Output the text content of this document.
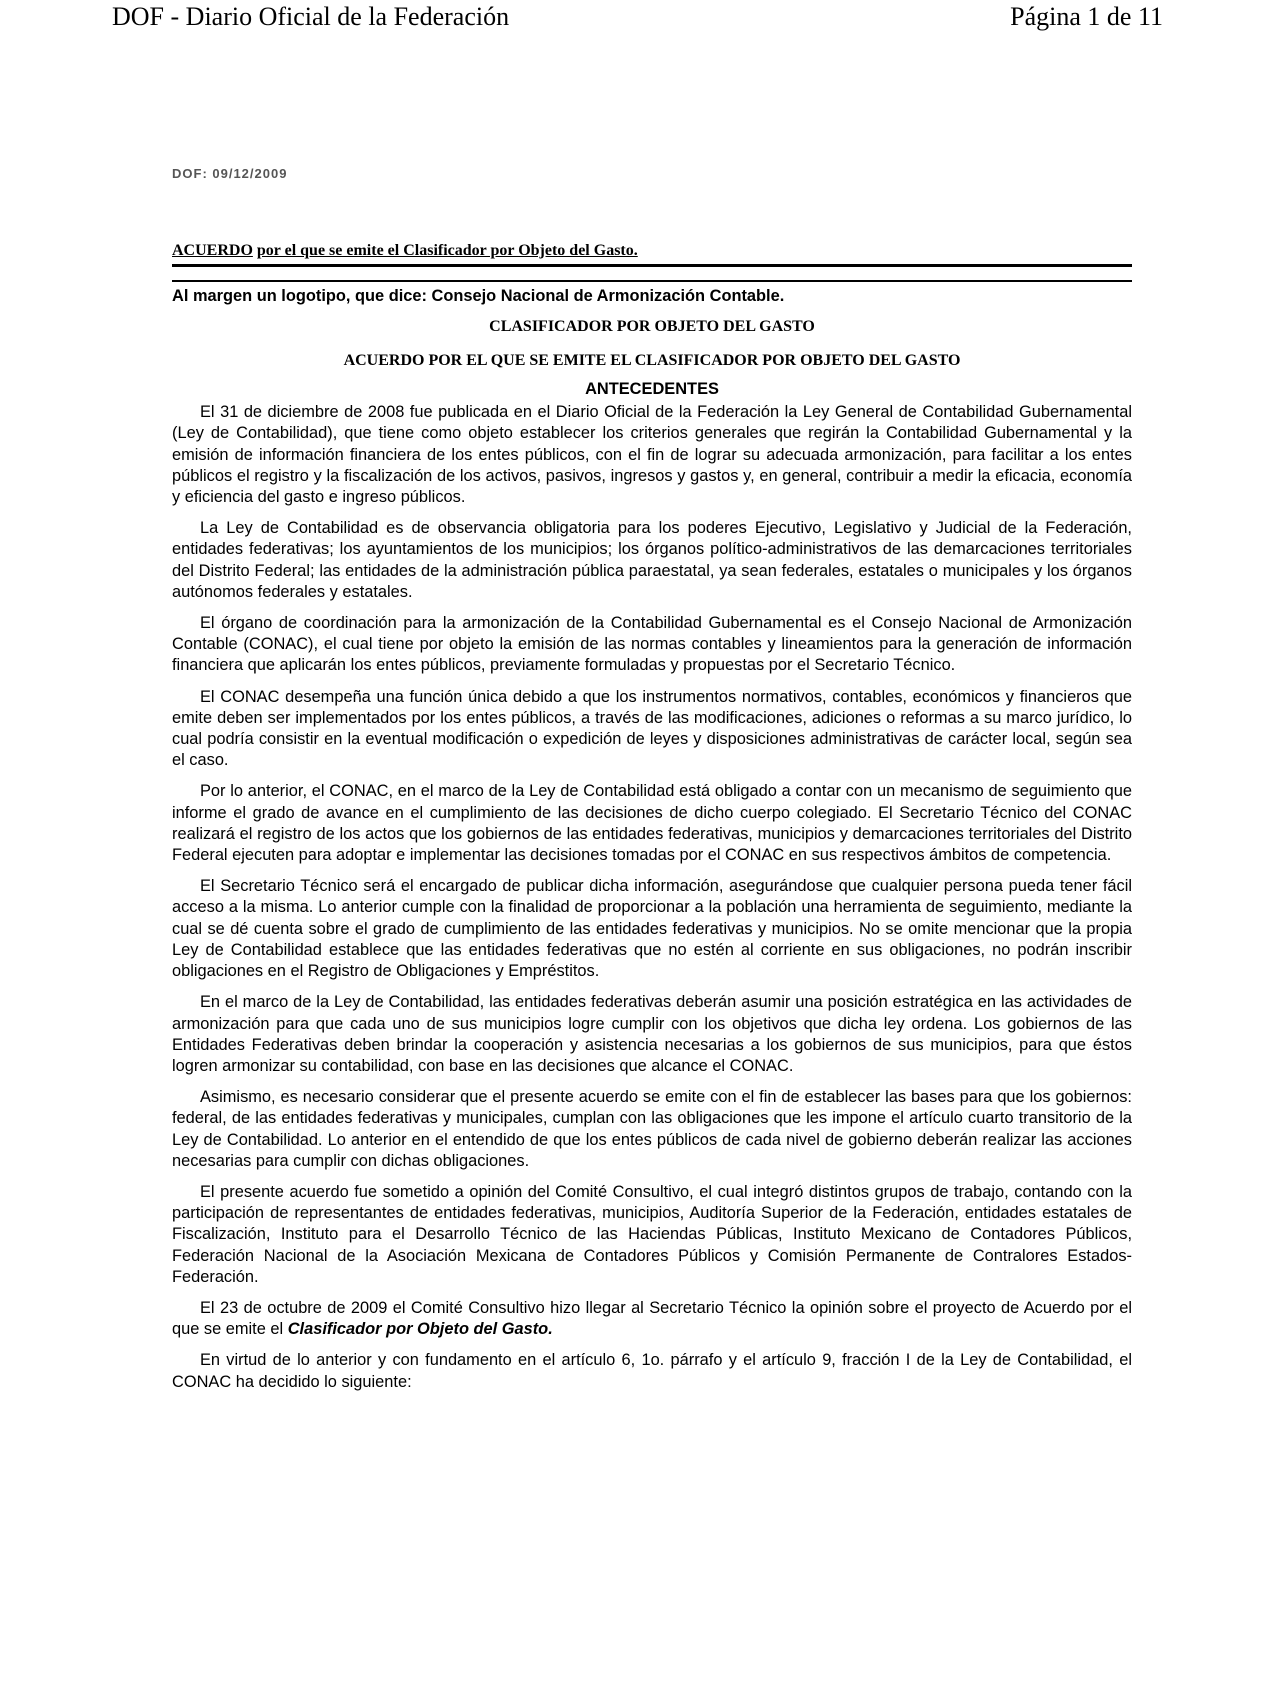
DOF - Diario Oficial de la Federación	Página 1 de 11
DOF: 09/12/2009
ACUERDO por el que se emite el Clasificador por Objeto del Gasto.
Al margen un logotipo, que dice: Consejo Nacional de Armonización Contable.
CLASIFICADOR POR OBJETO DEL GASTO
ACUERDO POR EL QUE SE EMITE EL CLASIFICADOR POR OBJETO DEL GASTO
ANTECEDENTES

El 31 de diciembre de 2008 fue publicada en el Diario Oficial de la Federación la Ley General de Contabilidad Gubernamental (Ley de Contabilidad), que tiene como objeto establecer los criterios generales que regirán la Contabilidad Gubernamental y la emisión de información financiera de los entes públicos, con el fin de lograr su adecuada armonización, para facilitar a los entes públicos el registro y la fiscalización de los activos, pasivos, ingresos y gastos y, en general, contribuir a medir la eficacia, economía y eficiencia del gasto e ingreso públicos.

La Ley de Contabilidad es de observancia obligatoria para los poderes Ejecutivo, Legislativo y Judicial de la Federación, entidades federativas; los ayuntamientos de los municipios; los órganos político-administrativos de las demarcaciones territoriales del Distrito Federal; las entidades de la administración pública paraestatal, ya sean federales, estatales o municipales y los órganos autónomos federales y estatales.

El órgano de coordinación para la armonización de la Contabilidad Gubernamental es el Consejo Nacional de Armonización Contable (CONAC), el cual tiene por objeto la emisión de las normas contables y lineamientos para la generación de información financiera que aplicarán los entes públicos, previamente formuladas y propuestas por el Secretario Técnico.

El CONAC desempeña una función única debido a que los instrumentos normativos, contables, económicos y financieros que emite deben ser implementados por los entes públicos, a través de las modificaciones, adiciones o reformas a su marco jurídico, lo cual podría consistir en la eventual modificación o expedición de leyes y disposiciones administrativas de carácter local, según sea el caso.

Por lo anterior, el CONAC, en el marco de la Ley de Contabilidad está obligado a contar con un mecanismo de seguimiento que informe el grado de avance en el cumplimiento de las decisiones de dicho cuerpo colegiado. El Secretario Técnico del CONAC realizará el registro de los actos que los gobiernos de las entidades federativas, municipios y demarcaciones territoriales del Distrito Federal ejecuten para adoptar e implementar las decisiones tomadas por el CONAC en sus respectivos ámbitos de competencia.

El Secretario Técnico será el encargado de publicar dicha información, asegurándose que cualquier persona pueda tener fácil acceso a la misma. Lo anterior cumple con la finalidad de proporcionar a la población una herramienta de seguimiento, mediante la cual se dé cuenta sobre el grado de cumplimiento de las entidades federativas y municipios. No se omite mencionar que la propia Ley de Contabilidad establece que las entidades federativas que no estén al corriente en sus obligaciones, no podrán inscribir obligaciones en el Registro de Obligaciones y Empréstitos.

En el marco de la Ley de Contabilidad, las entidades federativas deberán asumir una posición estratégica en las actividades de armonización para que cada uno de sus municipios logre cumplir con los objetivos que dicha ley ordena. Los gobiernos de las Entidades Federativas deben brindar la cooperación y asistencia necesarias a los gobiernos de sus municipios, para que éstos logren armonizar su contabilidad, con base en las decisiones que alcance el CONAC.

Asimismo, es necesario considerar que el presente acuerdo se emite con el fin de establecer las bases para que los gobiernos: federal, de las entidades federativas y municipales, cumplan con las obligaciones que les impone el artículo cuarto transitorio de la Ley de Contabilidad. Lo anterior en el entendido de que los entes públicos de cada nivel de gobierno deberán realizar las acciones necesarias para cumplir con dichas obligaciones.

El presente acuerdo fue sometido a opinión del Comité Consultivo, el cual integró distintos grupos de trabajo, contando con la participación de representantes de entidades federativas, municipios, Auditoría Superior de la Federación, entidades estatales de Fiscalización, Instituto para el Desarrollo Técnico de las Haciendas Públicas, Instituto Mexicano de Contadores Públicos, Federación Nacional de la Asociación Mexicana de Contadores Públicos y Comisión Permanente de Contralores Estados-Federación.

El 23 de octubre de 2009 el Comité Consultivo hizo llegar al Secretario Técnico la opinión sobre el proyecto de Acuerdo por el que se emite el Clasificador por Objeto del Gasto.

En virtud de lo anterior y con fundamento en el artículo 6, 1o. párrafo y el artículo 9, fracción I de la Ley de Contabilidad, el CONAC ha decidido lo siguiente:
